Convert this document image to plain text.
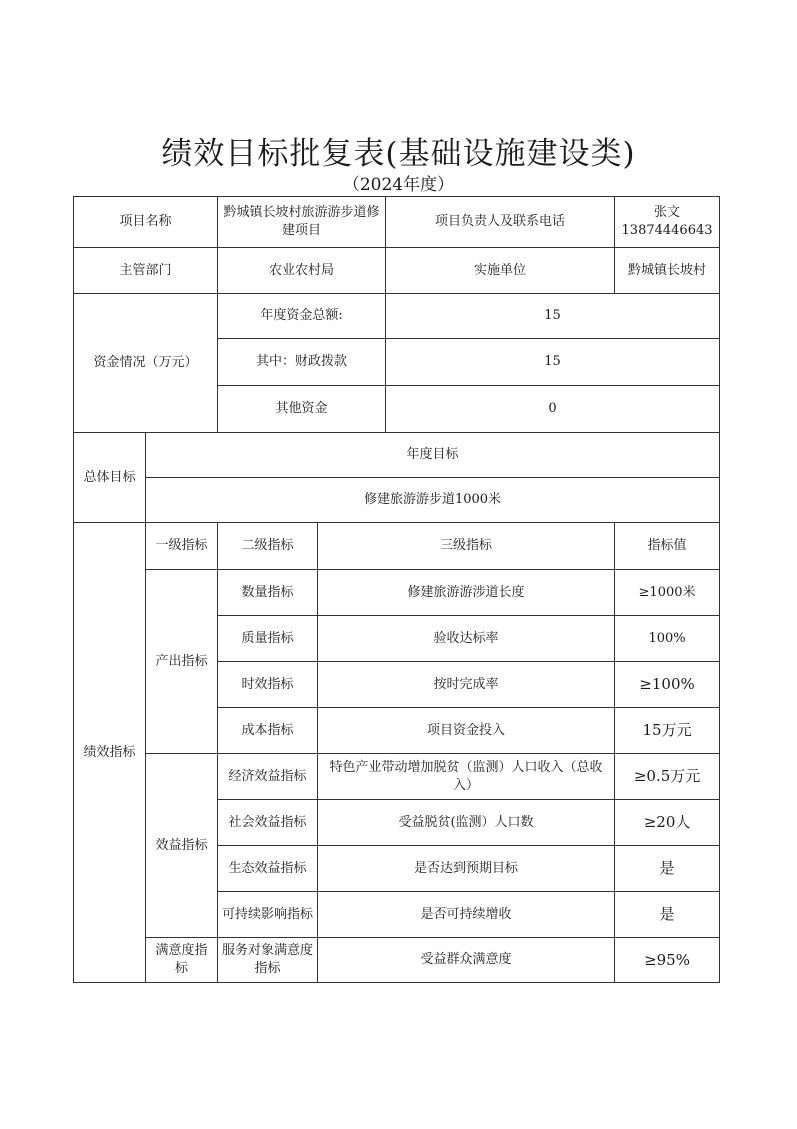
绩效目标批复表(基础设施建设类)
（2024年度）
项目名称		黔城镇长坡村旅游游步道修建项目		项目负责人及联系电话	张文13874446643
主管部门		农业农村局		实施单位	黔城镇长坡村
资金情况（万元）		年度资金总额:		15	
		其中：财政拨款		15	
		其他资金		0	
总体目标	年度目标				
	修建旅游游步道1000米				
绩效指标	一级指标	二级指标	三级指标		指标值
	产出指标	数量指标	修建旅游游涉道长度		≥1000米
		质量指标	验收达标率		100%
		时效指标	按时完成率		≥100%
		成本指标	项目资金投入		15万元
	效益指标	经济效益指标	特色产业带动增加脱贫（监测）人口收入（总收入）		≥0.5万元
		社会效益指标	受益脱贫(监测）人口数		≥20人
		生态效益指标	是否达到预期目标		是
		可持续影响指标	是否可持续增收		是
	满意度指标	服务对象满意度指标	受益群众满意度		≥95%
